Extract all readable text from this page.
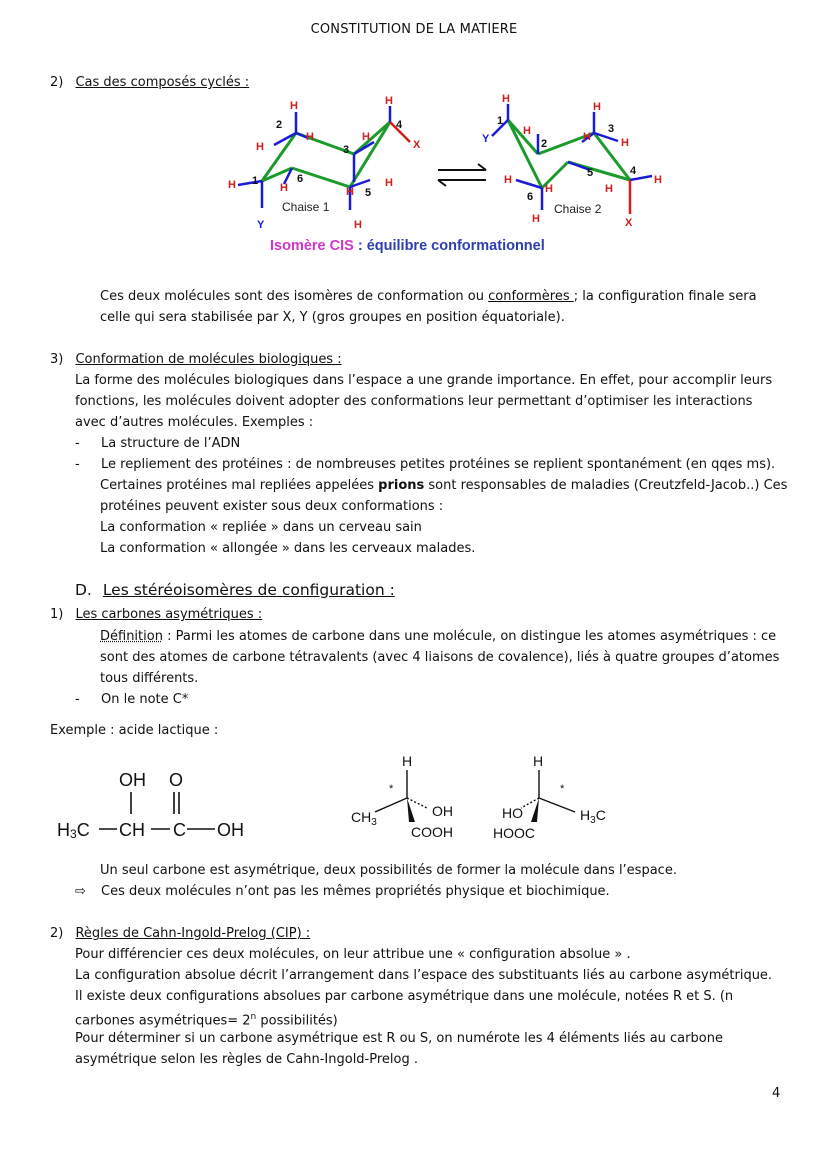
CONSTITUTION DE LA MATIERE
2) Cas des composés cyclés :
H	H
H
H
H	H
H	H
H
H
X
Y
1
2
3
4
5
6
Chaise 1
H
H
H
H	H
H
H
H	H
H
Y
X
1
2
3
4
5
6
Chaise 2
Isomère CIS : équilibre conformationnel
Ces deux molécules sont des isomères de conformation ou conformères ; la configuration finale sera
celle qui sera stabilisée par X, Y (gros groupes en position équatoriale).
3) Conformation de molécules biologiques :
La forme des molécules biologiques dans l’espace a une grande importance. En effet, pour accomplir leurs
fonctions, les molécules doivent adopter des conformations leur permettant d’optimiser les interactions
avec d’autres molécules. Exemples :
- La structure de l’ADN
- Le repliement des protéines : de nombreuses petites protéines se replient spontanément (en qqes ms).
Certaines protéines mal repliées appelées prions sont responsables de maladies (Creutzfeld-Jacob..) Ces
protéines peuvent exister sous deux conformations :
La conformation « repliée » dans un cerveau sain
La conformation « allongée » dans les cerveaux malades.
D. Les stéréoisomères de configuration :
1) Les carbones asymétriques :
Définition : Parmi les atomes de carbone dans une molécule, on distingue les atomes asymétriques : ce
sont des atomes de carbone tétravalents (avec 4 liaisons de covalence), liés à quatre groupes d’atomes
tous différents.
- On le note C*
Exemple : acide lactique :
OH O
H3C CH C OH
H
*
$CH_3$
OH
COOH
H
*
HO
HOOC
$H_3C$
Un seul carbone est asymétrique, deux possibilités de former la molécule dans l’espace.
⇨ Ces deux molécules n’ont pas les mêmes propriétés physique et biochimique.
2) Règles de Cahn-Ingold-Prelog (CIP) :
Pour différencier ces deux molécules, on leur attribue une « configuration absolue » .
La configuration absolue décrit l’arrangement dans l’espace des substituants liés au carbone asymétrique.
Il existe deux configurations absolues par carbone asymétrique dans une molécule, notées R et S. (n
carbones asymétriques= $2^n$ possibilités)
Pour déterminer si un carbone asymétrique est R ou S, on numérote les 4 éléments liés au carbone
asymétrique selon les règles de Cahn-Ingold-Prelog .
4
